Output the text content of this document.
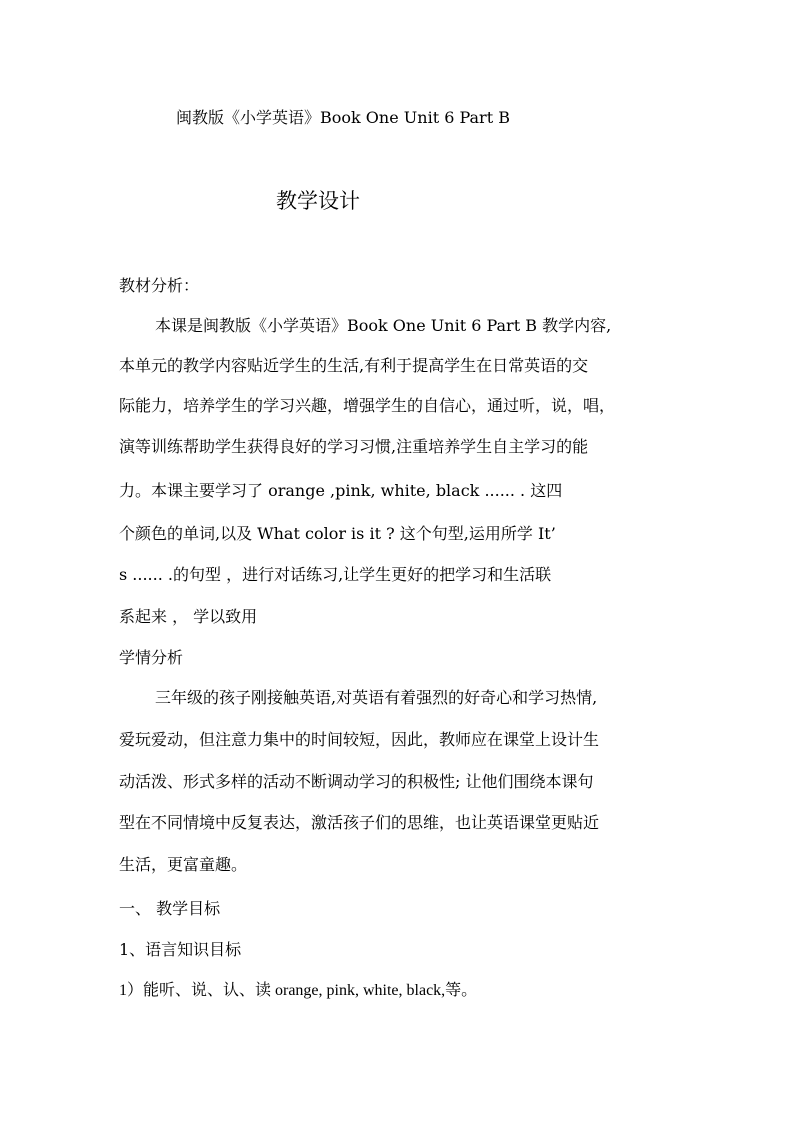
闽教版《小学英语》Book One Unit 6 Part B
教学设计
教材分析：
本课是闽教版《小学英语》Book One Unit 6 Part B 教学内容,
本单元的教学内容贴近学生的生活,有利于提高学生在日常英语的交
际能力，培养学生的学习兴趣，增强学生的自信心，通过听，说，唱，
演等训练帮助学生获得良好的学习习惯,注重培养学生自主学习的能
力。本课主要学习了 orange ,pink, white, black ...... . 这四
个颜色的单词,以及 What color is it ? 这个句型,运用所学 It’
s ...... .的句型 ，进行对话练习,让学生更好的把学习和生活联
系起来 ， 学以致用
学情分析
三年级的孩子刚接触英语,对英语有着强烈的好奇心和学习热情,
爱玩爱动，但注意力集中的时间较短，因此，教师应在课堂上设计生
动活泼、形式多样的活动不断调动学习的积极性; 让他们围绕本课句
型在不同情境中反复表达，激活孩子们的思维，也让英语课堂更贴近
生活，更富童趣。
一、 教学目标
1、语言知识目标
1）能听、说、认、读 orange, pink, white, black,等。
